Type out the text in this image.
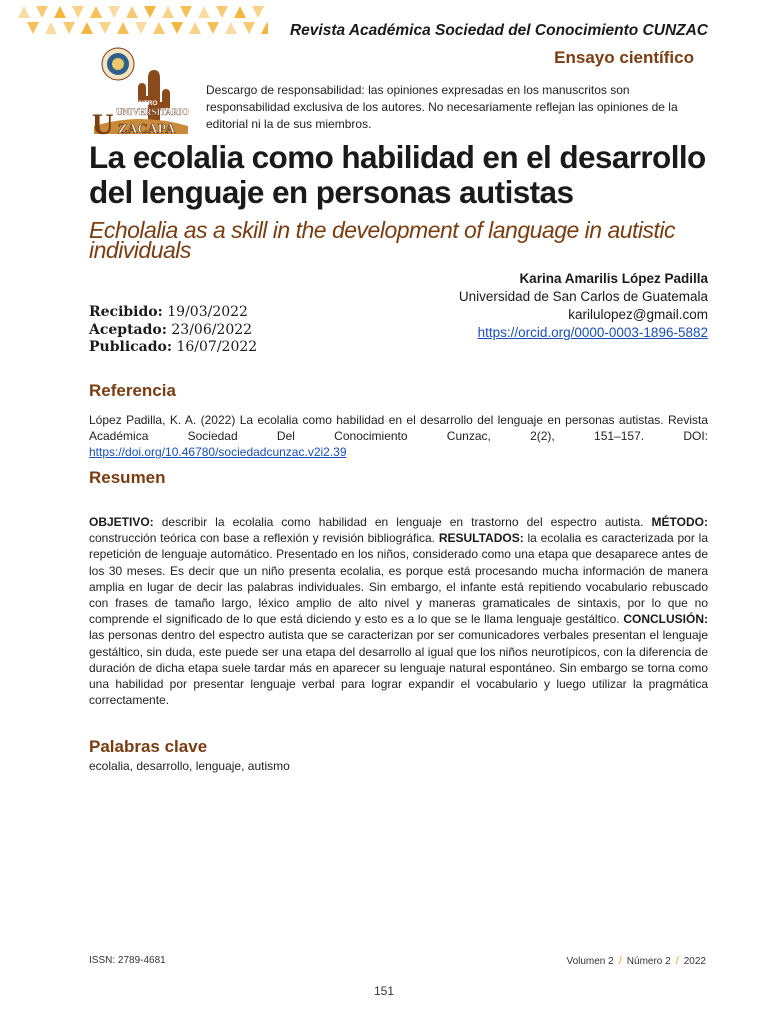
Revista Académica Sociedad del Conocimiento CUNZAC
Ensayo científico
CENTRO
UNIVERSITARIO
U ZACAPA
Descargo de responsabilidad: las opiniones expresadas en los manuscritos son responsabilidad exclusiva de los autores. No necesariamente reflejan las opiniones de la editorial ni la de sus miembros.
La ecolalia como habilidad en el desarrollo del lenguaje en personas autistas
Echolalia as a skill in the development of language in autistic individuals
Karina Amarilis López Padilla
Universidad de San Carlos de Guatemala
karilulopez@gmail.com
https://orcid.org/0000-0003-1896-5882
Recibido: 19/03/2022
Aceptado: 23/06/2022
Publicado: 16/07/2022
Referencia
López Padilla, K. A. (2022) La ecolalia como habilidad en el desarrollo del lenguaje en personas autistas. Revista Académica Sociedad Del Conocimiento Cunzac, 2(2), 151–157. DOI: https://doi.org/10.46780/sociedadcunzac.v2i2.39
Resumen
OBJETIVO: describir la ecolalia como habilidad en lenguaje en trastorno del espectro autista. MÉTODO: construcción teórica con base a reflexión y revisión bibliográfica. RESULTADOS: la ecolalia es caracterizada por la repetición de lenguaje automático. Presentado en los niños, considerado como una etapa que desaparece antes de los 30 meses. Es decir que un niño presenta ecolalia, es porque está procesando mucha información de manera amplia en lugar de decir las palabras individuales. Sin embargo, el infante está repitiendo vocabulario rebuscado con frases de tamaño largo, léxico amplio de alto nivel y maneras gramaticales de sintaxis, por lo que no comprende el significado de lo que está diciendo y esto es a lo que se le llama lenguaje gestáltico. CONCLUSIÓN: las personas dentro del espectro autista que se caracterizan por ser comunicadores verbales presentan el lenguaje gestáltico, sin duda, este puede ser una etapa del desarrollo al igual que los niños neurotípicos, con la diferencia de duración de dicha etapa suele tardar más en aparecer su lenguaje natural espontáneo. Sin embargo se torna como una habilidad por presentar lenguaje verbal para lograr expandir el vocabulario y luego utilizar la pragmática correctamente.
Palabras clave
ecolalia, desarrollo, lenguaje, autismo
ISSN: 2789-4681	Volumen 2 / Número 2 / 2022
151
